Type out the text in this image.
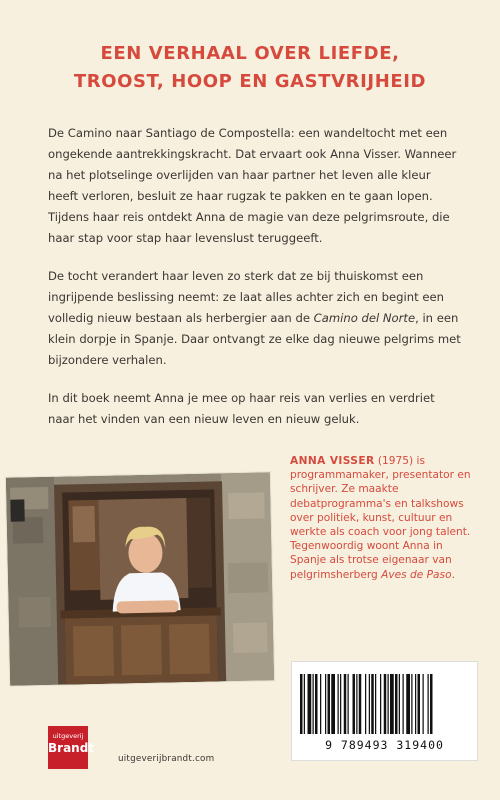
EEN VERHAAL OVER LIEFDE,
TROOST, HOOP EN GASTVRIJHEID

De Camino naar Santiago de Compostella: een wandeltocht met een ongekende aantrekkingskracht. Dat ervaart ook Anna Visser. Wanneer na het plotselinge overlijden van haar partner het leven alle kleur heeft verloren, besluit ze haar rugzak te pakken en te gaan lopen. Tijdens haar reis ontdekt Anna de magie van deze pelgrimsroute, die haar stap voor stap haar levenslust teruggeeft.

De tocht verandert haar leven zo sterk dat ze bij thuiskomst een ingrijpende beslissing neemt: ze laat alles achter zich en begint een volledig nieuw bestaan als herbergier aan de Camino del Norte, in een klein dorpje in Spanje. Daar ontvangt ze elke dag nieuwe pelgrims met bijzondere verhalen.

In dit boek neemt Anna je mee op haar reis van verlies en verdriet naar het vinden van een nieuw leven en nieuw geluk.

ANNA VISSER (1975) is programmamaker, presentator en schrijver. Ze maakte debatprogramma's en talkshows over politiek, kunst, cultuur en werkte als coach voor jong talent. Tegenwoordig woont Anna in Spanje als trotse eigenaar van pelgrimsherberg Aves de Paso.
9 789493 319400
uitgeverij
Brandt
uitgeverijbrandt.com
